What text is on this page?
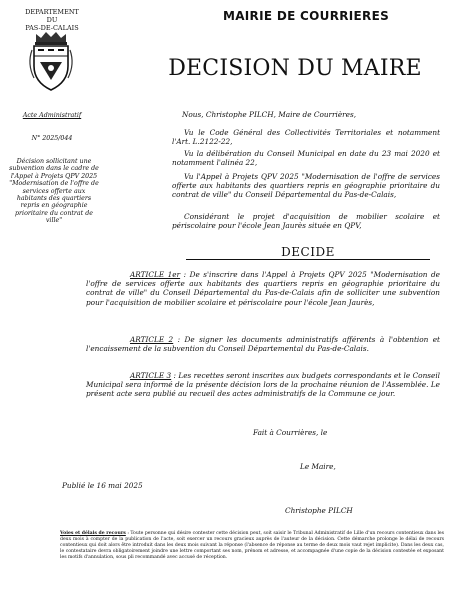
DEPARTEMENT
DU
PAS-DE-CALAIS
Acte Administratif
N° 2025/044
Décision sollicitant une subvention dans le cadre de l'Appel à Projets QPV 2025 "Modernisation de l'offre de services offerte aux habitants des quartiers repris en géographie prioritaire du contrat de ville"
MAIRIE DE COURRIERES
DECISION DU MAIRE
Nous, Christophe PILCH, Maire de Courrières,
Vu le Code Général des Collectivités Territoriales et notamment l'Art. L.2122-22,
Vu la délibération du Conseil Municipal en date du 23 mai 2020 et notamment l'alinéa 22,
Vu l'Appel à Projets QPV 2025 "Modernisation de l'offre de services offerte aux habitants des quartiers repris en géographie prioritaire du contrat de ville" du Conseil Départemental du Pas-de-Calais,
Considérant le projet d'acquisition de mobilier scolaire et périscolaire pour l'école Jean Jaurès située en QPV,
DECIDE
ARTICLE 1er : De s'inscrire dans l'Appel à Projets QPV 2025 "Modernisation de l'offre de services offerte aux habitants des quartiers repris en géographie prioritaire du contrat de ville" du Conseil Départemental du Pas-de-Calais afin de solliciter une subvention pour l'acquisition de mobilier scolaire et périscolaire pour l'école Jean Jaurès,
ARTICLE 2 : De signer les documents administratifs afférents à l'obtention et l'encaissement de la subvention du Conseil Départemental du Pas-de-Calais.
ARTICLE 3 : Les recettes seront inscrites aux budgets correspondants et le Conseil Municipal sera informé de la présente décision lors de la prochaine réunion de l'Assemblée. Le présent acte sera publié au recueil des actes administratifs de la Commune ce jour.
Fait à Courrières, le
Le Maire,
Publié le 16 mai 2025
Christophe PILCH
Voies et délais de recours : Toute personne qui désire contester cette décision peut, soit saisir le Tribunal Administratif de Lille d'un recours contentieux dans les deux mois à compter de la publication de l'acte, soit exercer un recours gracieux auprès de l'auteur de la décision. Cette démarche prolonge le délai de recours contentieux qui doit alors être introduit dans les deux mois suivant la réponse (l'absence de réponse au terme de deux mois vaut rejet implicite). Dans les deux cas, le contestataire devra obligatoirement joindre une lettre comportant ses nom, prénom et adresse, et accompagnée d'une copie de la décision contestée et exposant les motifs d'annulation, sous pli recommandé avec accusé de réception.
